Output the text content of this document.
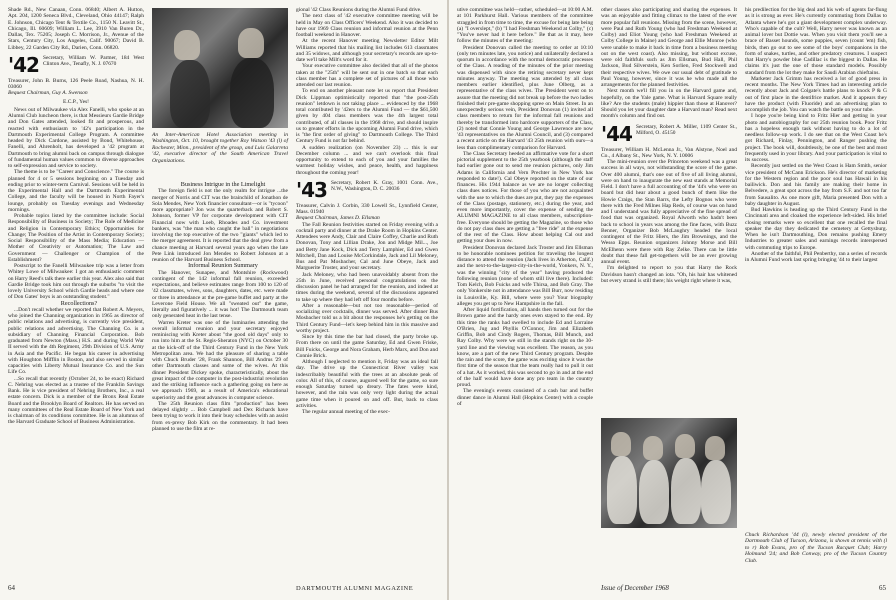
Shade Rd., New Canaan, Conn. 06840; Albert A. Hutton, Apt. 204, 1200 Seneca Blvd., Cleveland, Ohio 44147; Ralph E. Johnson, Chicago Tent & Textile Co., 1150 N. Leavitt St., Chicago, Ill. 60609; William L. Lee, 3910 Van Buren Dr., Dallas, Tex. 75205; Joseph C. Morrison, Jr., Avenue of the Stars, Century City, Los Angeles, Calif. 90067; David B. Libbey, 22 Garden City Rd., Darien, Conn. 06820.

'42 Secretary, William W. Parmer, 184 West Clinton Ave., Tenafly, N. J. 07670

Treasurer, John B. Burns, 126 Peele Road, Nashua, N. H. 03060

Bequest Chairman, Guy A. Swenson

E.C.P., Yes!

News out of Milwaukee via Alex Fanelli, who spoke at an Alumni Club luncheon there, is that Messieurs Gardie Bridge and Don Gates attended, looked fit and prosperous, and reacted with enthusiasm to '42's participation in the Dartmouth Experimental College Program. A committee headed by Dick Cardone, assisted by Bond, Whitehouse, Fanelli, and Ahrenholt, has developed a '42 program at Dartmouth to bring alumni back on campus through dialogue of fundamental human values common to diverse approaches to self-expression and service to society.

The theme is to be "Career and Conscience." The course is planned for 4 or 5 sessions beginning on a Tuesday and ending prior to winter-term Carnival. Sessions will be held in the Experimental Hall and the Dartmouth Experimental College, and the faculty will be housed in North Fayer's lounge, probably on Tuesday evenings and Wednesday mornings.

Probable topics listed by the committee include: Social Responsibility of Business in Society; The Role of Medicine and Religion in Contemporary Ethics; Opportunities for Change; The Position of the Artist in Contemporary Society; Social Responsibility of the Mass Media; Education — Mother of Creativity or Automation; The Law and Government — Challenger or Champion of the Establishment?

Postscript to the Fanelli Milwaukee trip was a letter from Whitey Lowe of Milwaukee: I got an enthusiastic comment on Harry Reed's talk there earlier this year. Alex also said that Gardie Bridge took him out through the suburbs "to visit the lovely University School which Gardie heads and where one of Don Gates' boys is an outstanding student."

Recollections?

...Don't recall whether we reported that Robert A. Meyers, who joined the Channing organization in 1965 as director of public relations and advertising, is currently vice president, public relations and advertising. The Channing Co. is a subsidiary of Channing Financial Corporation. Bob graduated from Newton (Mass.) H.S. and during World War II served with the 4th Regiment, 29th Division of U.S. Army in Asia and the Pacific. He began his career in advertising with Houghton Mifflin in Boston, and also served in similar capacities with Liberty Mutual Insurance Co. and the Sun Life Co.

...So recall that recently (October 24, to be exact) Richard C. Nehring was elected as a trustee of the Franklin Savings Bank. He is vice president of Nehring Brothers, Inc., a real estate concern. Dick is a member of the Bronx Real Estate Board and the Brooklyn Board of Realtors. He has served on many committees of the Real Estate Board of New York and is chairman of its conditions committee. He is an alumnus of the Harvard Graduate School of Business Administration.

An Inter-American Hotel Association meeting in Washington, Oct. 10, brought together Roy Watson '43 (l) of Rochester, Minn., president of the group, and Luis Galarreta '42, executive director of the South American Travel Organizations.

Business Intrigue in the Limelight

The foreign field is not the only realm for intrigue ...the merger of Norris and CIT was the brainchild of Jonathon de Sola Mendes, New York financier consultant—or is "tycoon" more appropriate? Jon was the quarterback and Robert S. Johnson, former VP for corporate development with CIT Financial now with Loeb, Rhoades and Co. investment bankers, was "the man who caught the ball" in negotiations involving the top executive of the two "giants" which led to the merger agreement. It is reported that the deal grew from a chance meeting at Harvard several years ago when the late Pete Link introduced Jon Mendes to Robert Johnson at a reunion of the Harvard Business School.

Informal Reunion Summary

The Hanover, Sunapee, and Montshire (Rockwood) contingent of the 142 informal fall reunion, exceeded expectations, and believe estimates range from 100 to 120 of '42 classmates, wives, sons, daughters, dates, etc. were made or three in attendance at the pre-game buffet and party at the Leverone Field House. We all "sweated out" the game, literally and figuratively ... it was hot! The Dartmouth team only generated heat in the last tense.

Warren Kreter was one of the luminaries attending the overall informal reunion and your secretary enjoyed reminiscing with Kreter about "the good old days" only to run into him at the St. Regis-Sheraton (NYC) on October 30 at the kick-off of the Third Century Fund in the New York Metropolitan area. We had the pleasure of sharing a table with Chuck Bruder '28, Frank Shannon, Bill Andrus '29 of other Dartmouth classes and some of the wives. At this dinner President Dickey spoke, characteristically, about the great impact of the computer in the post-industrial revolution and the striking influence such a gathering going on here as we approach 1969, as a result of America's educational superiority and the great advances in computer science.

The 25th Reunion class film "production" has been delayed slightly ... Bob Campbell and Dex Richards have been trying to work it into their busy schedules with an assist from ex-prexy Bob Kirk on the commentary. It had been planned to use the film at re-

gional '42 Class Reunions during the Alumni Fund drive.

The next class of '42 executive committee meeting will be held in May on Class Officers' Weekend. Also it was decided to have our 1969 Class reunion and informal reunion at the Penn football weekend in Hanover.

At the recent Hanover meeting Newsletter Editor Milt Williams reported that his mailing list includes 613 classmates and 35 widows, and although your secretary's records are up-to-date we'll take Milt's word for it.

Your executive committee also decided that all of the photos taken at the "25th" will be sent out in one batch so that each class member has a complete set of pictures of all those who attended our last reunion.

To end on another pleasant note let us report that President Dick Lippman optimistically reported that "the post-25th reunion" letdown is not taking place ... evidenced by the 1968 total contributed by '42ers to the Alumni Fund — the $61,500 given by 404 class members was the 4th largest total contributed, of all classes in the 1968 drive, and should inspire us to greater efforts in the upcoming Alumni Fund drive, which is "the first order of giving" to Dartmouth College. The Third Century Fund is not far behind.

A sudden realization (on November 23) ... this is our December column ... and we can't overlook this final opportunity to extend to each of you and your families the warmest holiday wishes, and peace, health, and happiness throughout the coming year!

'43 Secretary, Robert K. Gray, 1001 Conn. Ave., N.W., Washington, D. C. 20036

Treasurer, Calvin J. Corbin, 330 Lowell St., Lynnfield Center, Mass. 01940

Bequest Chairman, James D. Ellsman

The Fall Reunion festivities started on Friday evening with a cocktail party and dinner at the Drake Room in Hopkins Center. Attendees were Andy, Clair and Claire Coffey, Charlie and Ruth Donovan, Tony and Lillian Drake, Jon and Midge Mil..., Joe and Betty Jane Kock, Dick and Terry Lamphier, Ed and Gwen Mitchell, Dan and Louise McCorkindale, Jack and Lil Meloney, Bus and Pat Mosbacher, Cal and June Obeye, Jack and Marguerite Troster, and your secretary.

Jack Meloney, who had been unavoidably absent from the 25th in June, received personal congratulations on the discussion panel he had arranged for the reunion, and indeed at times during the weekend, several of the discussions appeared to take up where they had left off four months before.

After a reasonable—but not too reasonable—period of socializing over cocktails, dinner was served. After dinner Bus Mosbacher told us a bit about the responses he's getting on the Third Century Fund—let's keep behind him in this massive and worthy project.

Since by this time the bar had closed, the party broke up. From there on until the game Saturday, Ed and Gwen Friske, Bill Fuicks, George and Nora Graham, Herb Marx, and Don and Connie Brick.

Although I neglected to mention it, Friday was an ideal fall day. The drive up the Connecticut River valley was indescribably beautiful with the trees at an absolute peak of color. All of this, of course, augured well for the game, so sure enough Saturday turned up dreary. The fates were kind, however, and the rain was only very light during the actual game time when it poured on and off. But, back to class activities.

The regular annual meeting of the exec-

64	DARTMOUTH ALUMNI MAGAZINE

utive committee was held—rather, scheduled—at 10:00 A.M. at 101 Parkhurst Hall. Various members of the committee straggled in from time to time, the excuse for being late being (a) "I overslept," (b) "I had Freshman Weekend at Colby," (c) "You've never had it here before." Be that as it may, here follow the minutes of the meeting:

President Donovan called the meeting to order at 10:10 (only ten minutes late, you notice) and unilaterally declared a quorum in accordance with the normal democratic processes of the Class. A reading of the minutes of the prior meeting was dispensed with since the retiring secretary never kept minutes anyway. The meeting was attended by all class members earlier identified, plus June Olberg, as a representative of the class wives. The President went on to assure that the meeting did not break up before the two ladies finished their pre-game shopping spree on Main Street. In an unexpectedly serious vein, President Donovan (1) invited all class members to return for the informal fall reunions and thereby be transformed into hardcore supporters of the Class, (2) noted that Connie Young and George Lawrence are now '43 representatives on the Alumni Council, and (3) compared a recent article on the Harvard '43 25th reunion with ours—a less than complimentary comparison for Harvard.

The Class Secretary heeded an affirmative vote for a short pictorial supplement to the 25th yearbook (although the staff had earlier gone out to send me reunion pictures, only Jim Adams in California and Vern Prechter in New York has responded to date!). Cal Obeye reported on the state of our finances. His 1944 balance as we are no longer collecting class dues notices. For those of you who are not acquainted with the use to which the dues are put, they pay the expenses of the Class (postage, stationery, etc.) during the year, and even more importantly, cover the expense of sending the ALUMNI MAGAZINE to all class members, subscription-free. Everyone should be getting the Magazine, so those who do not pay class dues are getting a "free ride" at the expense of the rest of the Class. How about helping Cal out and getting your dues in now.

President Donovan declared Jack Troster and Jim Ellsman to be honorable nominees petition for traveling the longest distance to attend the reunion (Jack lives in Atherton, Calif.) and the next-to-the-largest-city-in-the-world, Yonkers, N. Y., was the winning "city of the year" having produced the following reunion (none of whom still live there). Included: Tom Kelch, Bob Fuicks and wife Thirsa, and Bob Gray. The only Yonkersite not in attendance was Bill Burr, now residing in Louisville, Ky. Bill, where were you? Your biography alleges you get up to New Hampshire in the fall.

After liquid fortification, all hands then turned out for the Brown game and the hardy ones even stayed to the end. By this time the ranks had swelled to include Ed and Lorraine O'Brien, Jug and Phyllis O'Connor, Jim and Elizabeth Griffin, Bob and Cindy Rogers, Thomas, Bill Munch, and Ray Colby. Why were we still in the stands right on the 30-yard line and the viewing was excellent. The reason, as you know, are a part of the new Third Century program. Despite the rain and the score, the game was exciting since it was the first time of the season that the team really had to pull it out of a hat. As it worked, this was second to go in and at the end of the half would have done any pro team in the country proud.

The evening's events consisted of a cash bar and buffet dinner dance in Alumni Hall (Hopkins Center) with a couple of

other classes also participating and sharing the expenses. It was an enjoyable and fitting climax to the latest of the ever more popular fall reunions. Missing from the scene, however, were Paul and Ruth Young (who had Freshman Weekend at Colby) and Eliot Young (who had Freshman Weekend at Colby College in Maine) and George and Ellie Monroe (who were unable to make it back in time from a business meeting out on the west coast). Also missing, but without excuse, were old faithfuls such as Jim Ellsman, Bud Hall, Phil Jackson, Bud Silverstein, Ken Sorlien, Fred Stockwell and their respective wives. We owe our usual debt of gratitude to Paul Young, however, since it was he who made all the arrangements for the planned festivities.

Next month we'll fill you in on the Harvard game and, hopefully, on the Yale game. What is Harvard Square really like? Are the students (male) hippier than those at Hanover? Should you let your daughter date a Harvard man? Read next month's column and find out.

'44 Secretary, Robert A. Miller, 1109 Center St., Milford, O. 45150

Treasurer, William H. McLenna Jr., Van Alstyne, Noel and Co., 4 Albany St., New York, N. Y. 10006

The mini-reunion over the Princeton weekend was a great success in all ways, not withstanding the score of the game. Over 400 alumni, that's one out of five of all living alumni, were on hand to inaugurate the new east stands at Memorial Field. I don't have a full accounting of the '44's who were on board but did hear about a good bunch of them like the Howie Craigs, the Stan Barrs, the Lefty Bognos who were there with the Fred Milnes Hap Reds, of course was on hand and I understand was fully appreciative of the fine spread of food that was organized. Royal Alworth who hadn't been back to school in years was among the fine faces, with Buzz Benner, Organizer Bob McLaughry headed the local contingent of the Fritz Hiers, the Jim Brownings, and the Wesso Epps. Reunion organizers Johnny Morse and Bill McElhenn were there with Ray Zelke. There can be little doubt that these fall get-togethers will be an ever growing annual event.

I'm delighted to report to you that Harry the Rock Davidson hasn't changed an iota. "Oh, his hair has whitened but every strand is still there; his weight right where it was,

his predilection for the big deal and his web of agents far-flung as it is strong as ever. He's currently commuting from Dallas to Atlanta where he's got a giant development complex underway. Who's capable of the cult? Well, Harry never was known as an animal lover but Dottie was. When you visit them you'll see a brace of Basset hounds, some puppies, seven (count 'em) fish, birds, then go out to see some of the boys' companions in the form of snakes, turtles, and other predatory creatures. I suspect that Harry's powder blue Cadillac is the biggest in Dallas. He claims it's just the one of those standard models. Possibly standard from the lot they make for Saudi Arabian chieftains.

Marketer Jack Grimm has received a lot of good press in recent months. The New York Times had an interesting article recently about Jack and Colgate's battle plans to knock P & G out of first place in the dentifrice market. And it appears they have the product (with Fluoride) and an advertising plan to accomplish the job. You can watch the battle on your tube.

I hope you're being kind to Fritz Hier and getting in your photo and autobiography for our 25th reunion book. Poor Fritz has a hopeless enough task without having to do a lot of needless follow-up work. I do see that on the West Coast he's got Richard, Finlay, Pennington, and Ranger pushing the project. The book will, doubtlessly, be one of the best and most frequently used in your library. And your participation is vital to its success.

Recently just settled on the West Coast is Ham Smith, senior vice president of McCann Erickson. He's director of marketing for the Western region and the poor soul has Hawaii in his bailiwick. Don and his family are making their home in Belvedere, a great spot across the bay from S.F. and not too far from Sausalito. As one more gift, Maria presented Don with a baby daughter in August.

Bud Hawkins is heading up the Third Century Fund in the Cincinnati area and cloaked the experience left-sided. His brief closing remarks were so excellent that one recalled the final speaker the day they dedicated the cemetery at Gettysburg. When he isn't Dartmouthing, Don remains pushing Emery Industries to greater sales and earnings records interspersed with commuting trips to Europe.

Another of the faithful, Phil Penberthy, ran a series of records in Alumni Fund work last spring bringing '44 to their largest

Chuck Richardson '44 (l), newly elected president of the Dartmouth Club of Tucson, Arizona, is shown at tennis with (l to r) Bob Evans, pro of the Tucson Racquet Club; Harry Holmund '24; and Bob Conway, pro of the Tucson Country Club.
Issue of December 1968	65
